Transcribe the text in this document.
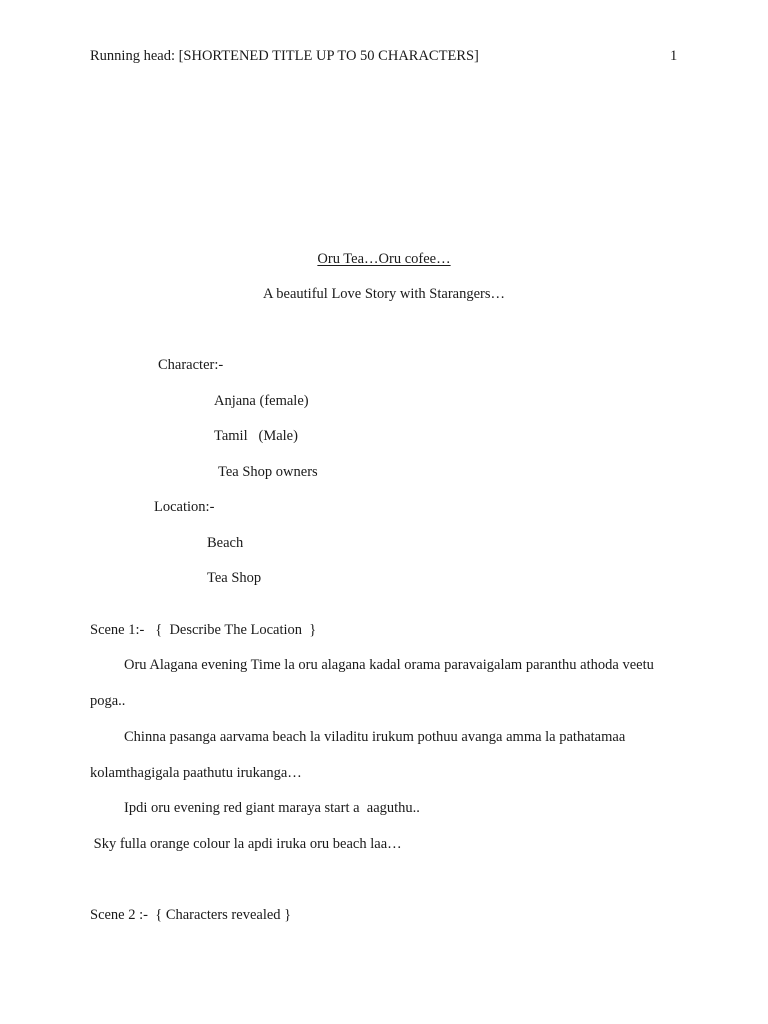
Running head: [SHORTENED TITLE UP TO 50 CHARACTERS]	1
Oru Tea…Oru cofee…
A beautiful Love Story with Starangers…
Character:-
Anjana (female)
Tamil   (Male)
Tea Shop owners
Location:-
Beach
Tea Shop
Scene 1:-   {  Describe The Location  }
Oru Alagana evening Time la oru alagana kadal orama paravaigalam paranthu athoda veetu
poga..
Chinna pasanga aarvama beach la viladitu irukum pothuu avanga amma la pathatamaa
kolamthagigala paathutu irukanga…
Ipdi oru evening red giant maraya start a  aaguthu..
Sky fulla orange colour la apdi iruka oru beach laa…
Scene 2 :-  { Characters revealed }
